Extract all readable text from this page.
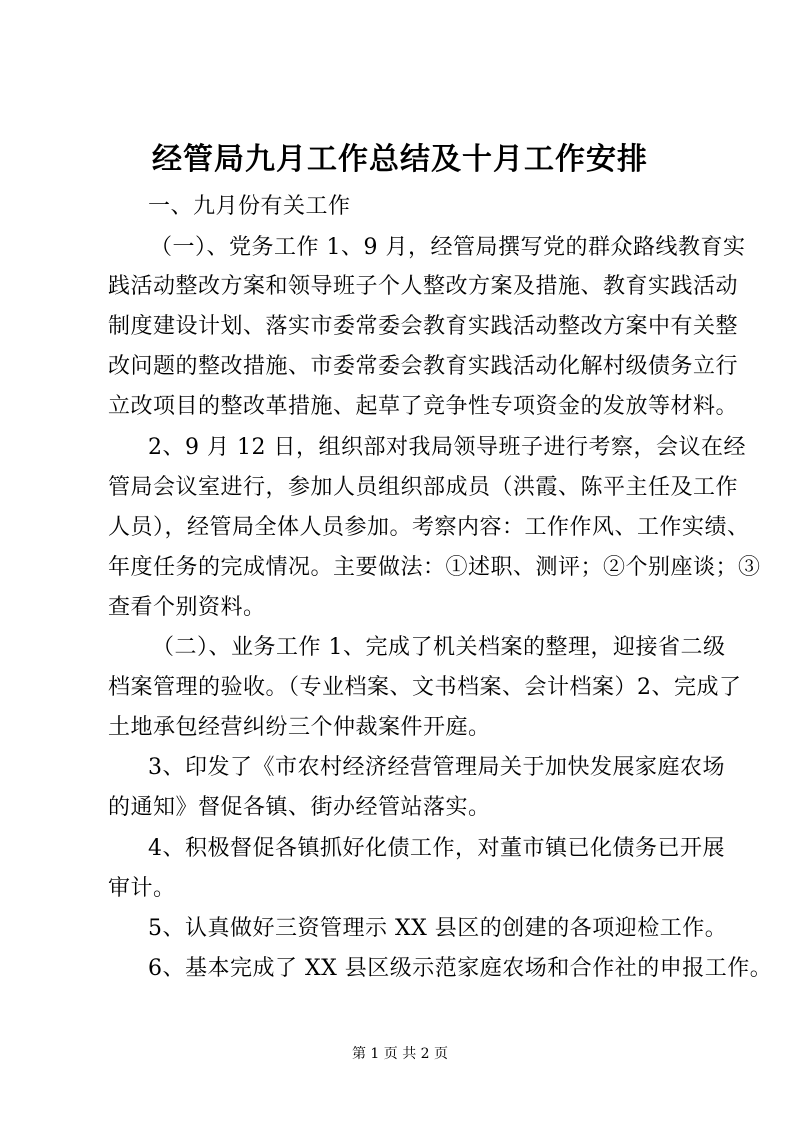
经管局九月工作总结及十月工作安排
一、九月份有关工作
（一）、党务工作 1、9 月，经管局撰写党的群众路线教育实
践活动整改方案和领导班子个人整改方案及措施、教育实践活动
制度建设计划、落实市委常委会教育实践活动整改方案中有关整
改问题的整改措施、市委常委会教育实践活动化解村级债务立行
立改项目的整改革措施、起草了竞争性专项资金的发放等材料。
2、9 月 12 日，组织部对我局领导班子进行考察，会议在经
管局会议室进行，参加人员组织部成员（洪霞、陈平主任及工作
人员），经管局全体人员参加。考察内容：工作作风、工作实绩、
年度任务的完成情况。主要做法：①述职、测评；②个别座谈；③
查看个别资料。
（二）、业务工作 1、完成了机关档案的整理，迎接省二级
档案管理的验收。（专业档案、文书档案、会计档案）2、完成了
土地承包经营纠纷三个仲裁案件开庭。
3、印发了《市农村经济经营管理局关于加快发展家庭农场
的通知》督促各镇、街办经管站落实。
4、积极督促各镇抓好化债工作，对董市镇已化债务已开展
审计。
5、认真做好三资管理示 XX 县区的创建的各项迎检工作。
6、基本完成了 XX 县区级示范家庭农场和合作社的申报工作。
第 1 页 共 2 页
